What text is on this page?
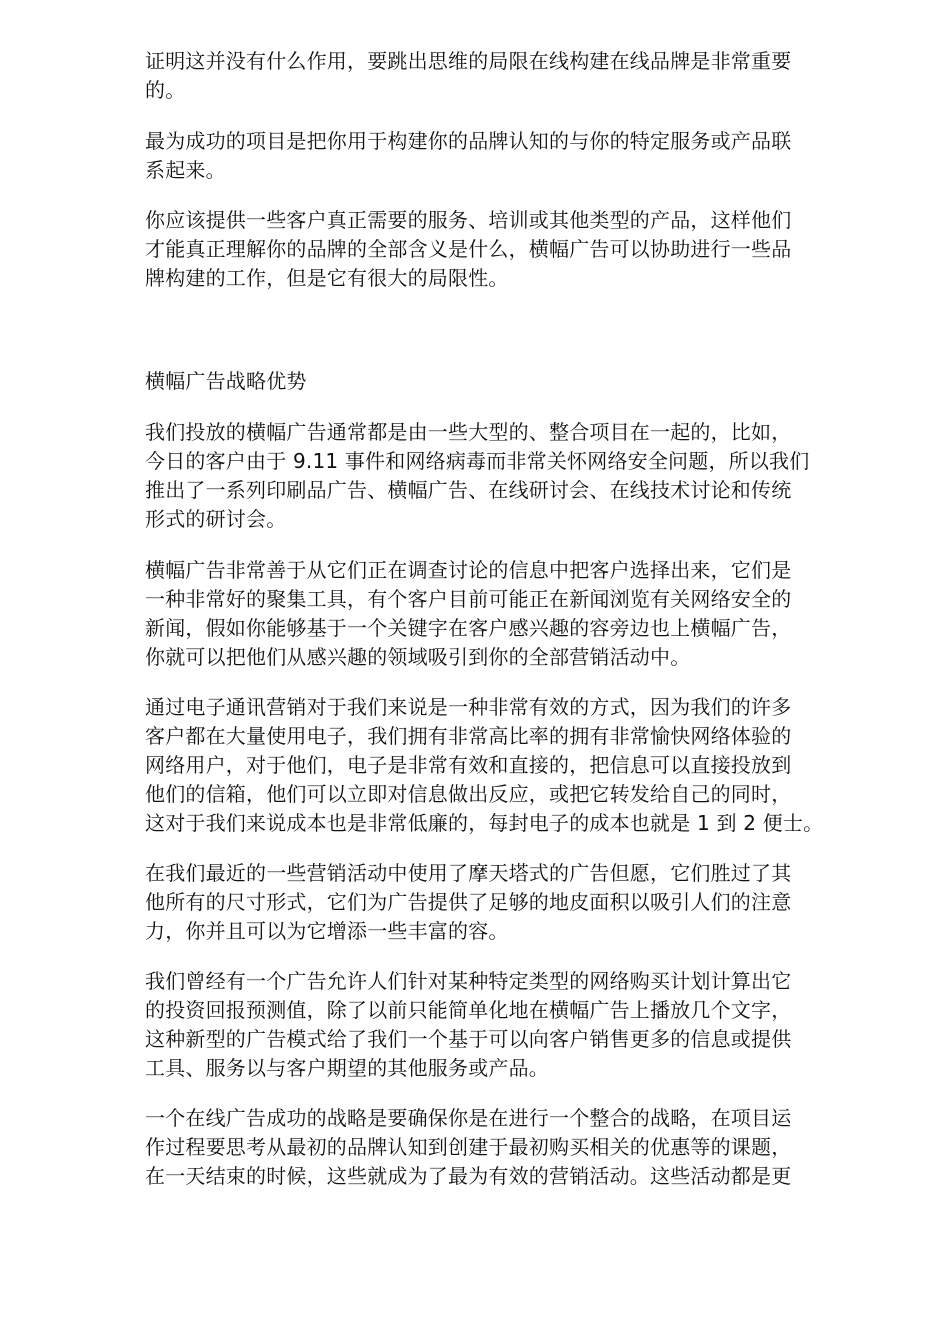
证明这并没有什么作用，要跳出思维的局限在线构建在线品牌是非常重要

的。

最为成功的项目是把你用于构建你的品牌认知的与你的特定服务或产品联

系起来。

你应该提供一些客户真正需要的服务、培训或其他类型的产品，这样他们

才能真正理解你的品牌的全部含义是什么，横幅广告可以协助进行一些品

牌构建的工作，但是它有很大的局限性。

横幅广告战略优势

我们投放的横幅广告通常都是由一些大型的、整合项目在一起的，比如，

今日的客户由于 9.11 事件和网络病毒而非常关怀网络安全问题，所以我们

推出了一系列印刷品广告、横幅广告、在线研讨会、在线技术讨论和传统

形式的研讨会。

横幅广告非常善于从它们正在调查讨论的信息中把客户选择出来，它们是

一种非常好的聚集工具，有个客户目前可能正在新闻浏览有关网络安全的

新闻，假如你能够基于一个关键字在客户感兴趣的容旁边也上横幅广告，

你就可以把他们从感兴趣的领域吸引到你的全部营销活动中。

通过电子通讯营销对于我们来说是一种非常有效的方式，因为我们的许多

客户都在大量使用电子，我们拥有非常高比率的拥有非常愉快网络体验的

网络用户，对于他们，电子是非常有效和直接的，把信息可以直接投放到

他们的信箱，他们可以立即对信息做出反应，或把它转发给自己的同时，

这对于我们来说成本也是非常低廉的，每封电子的成本也就是 1 到 2 便士。

在我们最近的一些营销活动中使用了摩天塔式的广告但愿，它们胜过了其

他所有的尺寸形式，它们为广告提供了足够的地皮面积以吸引人们的注意

力，你并且可以为它增添一些丰富的容。

我们曾经有一个广告允许人们针对某种特定类型的网络购买计划计算出它

的投资回报预测值，除了以前只能简单化地在横幅广告上播放几个文字，

这种新型的广告模式给了我们一个基于可以向客户销售更多的信息或提供

工具、服务以与客户期望的其他服务或产品。

一个在线广告成功的战略是要确保你是在进行一个整合的战略，在项目运

作过程要思考从最初的品牌认知到创建于最初购买相关的优惠等的课题，

在一天结束的时候，这些就成为了最为有效的营销活动。这些活动都是更
